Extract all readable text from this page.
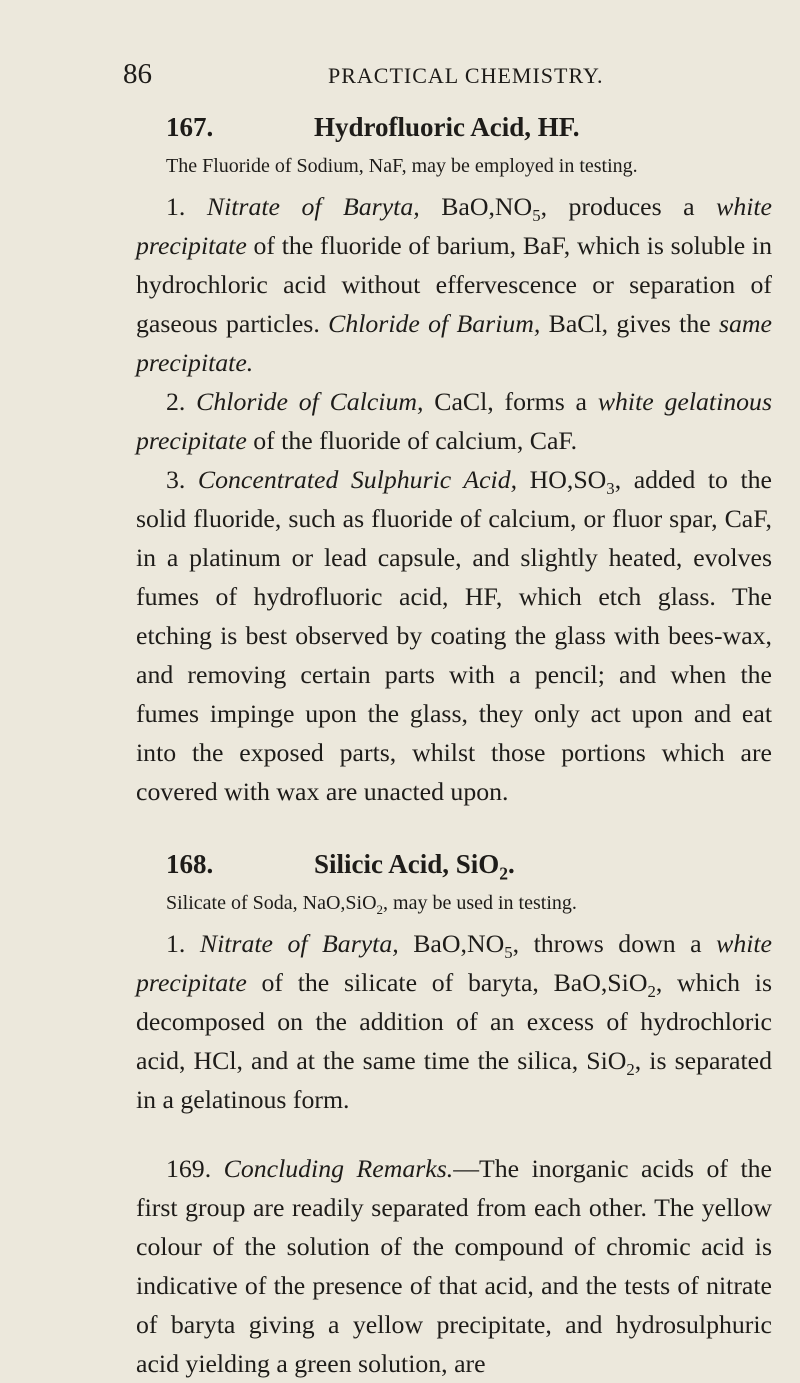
86	PRACTICAL CHEMISTRY.
167.	Hydrofluoric Acid, HF.

The Fluoride of Sodium, NaF, may be employed in testing.

1. Nitrate of Baryta, $BaO,NO_5$, produces a white precipitate of the fluoride of barium, BaF, which is soluble in hydrochloric acid without effervescence or separation of gaseous particles. Chloride of Barium, BaCl, gives the same precipitate.

2. Chloride of Calcium, CaCl, forms a white gelatinous precipitate of the fluoride of calcium, CaF.

3. Concentrated Sulphuric Acid, $HO,SO_3$, added to the solid fluoride, such as fluoride of calcium, or fluor spar, CaF, in a platinum or lead capsule, and slightly heated, evolves fumes of hydrofluoric acid, HF, which etch glass. The etching is best observed by coating the glass with bees-wax, and removing certain parts with a pencil; and when the fumes impinge upon the glass, they only act upon and eat into the exposed parts, whilst those portions which are covered with wax are unacted upon.

168.	Silicic Acid, SiO$_2$.

Silicate of Soda, NaO,SiO$_2$, may be used in testing.

1. Nitrate of Baryta, $BaO,NO_5$, throws down a white precipitate of the silicate of baryta, BaO,SiO$_2$, which is decomposed on the addition of an excess of hydrochloric acid, HCl, and at the same time the silica, SiO$_2$, is separated in a gelatinous form.

169. Concluding Remarks.—The inorganic acids of the first group are readily separated from each other. The yellow colour of the solution of the compound of chromic acid is indicative of the presence of that acid, and the tests of nitrate of baryta giving a yellow precipitate, and hydrosulphuric acid yielding a green solution, are
